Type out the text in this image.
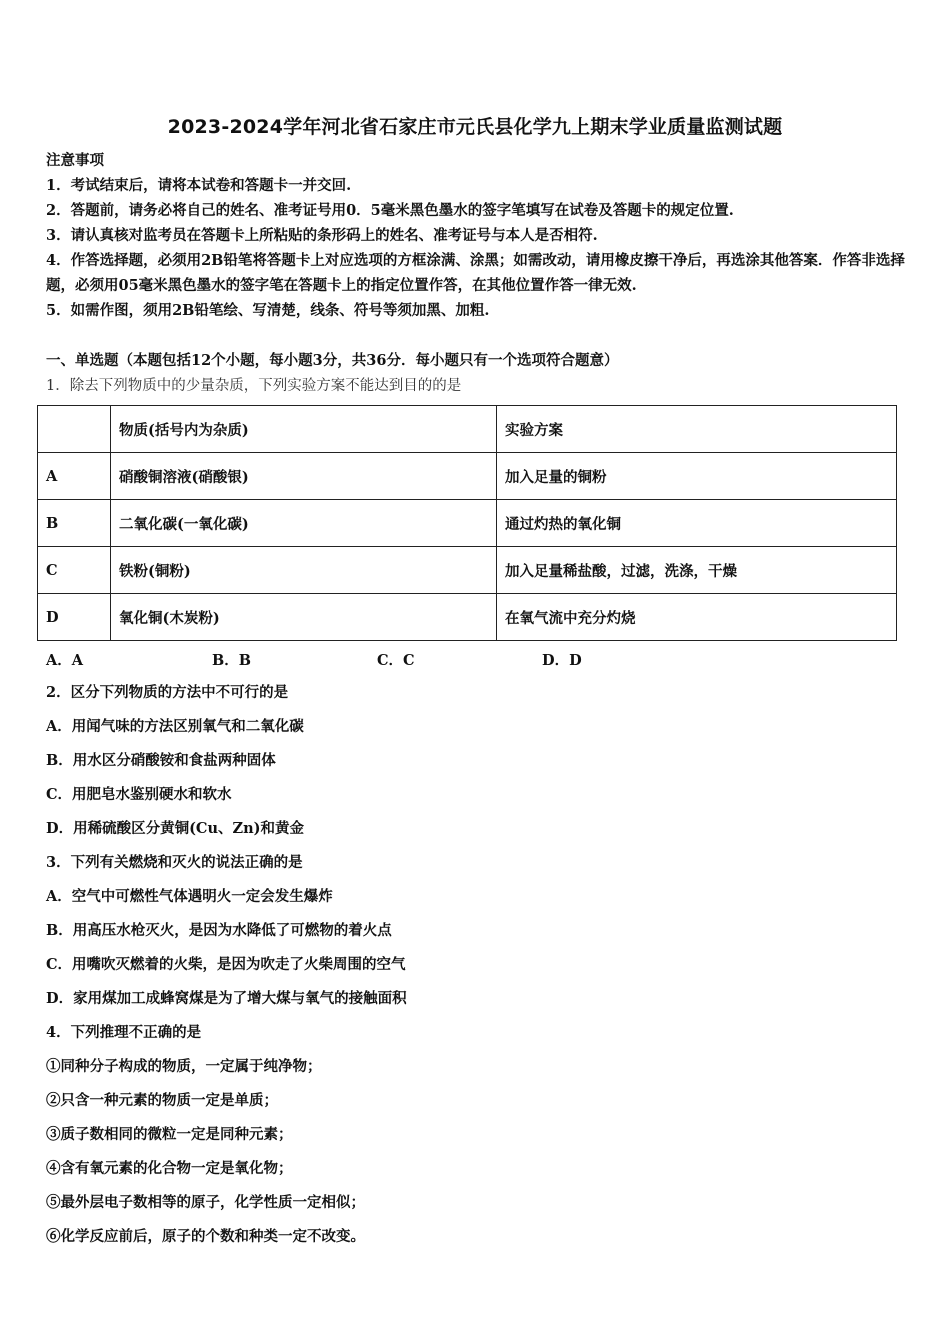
2023-2024学年河北省石家庄市元氏县化学九上期末学业质量监测试题
注意事项
1．考试结束后，请将本试卷和答题卡一并交回.
2．答题前，请务必将自己的姓名、准考证号用0．5毫米黑色墨水的签字笔填写在试卷及答题卡的规定位置.
3．请认真核对监考员在答题卡上所粘贴的条形码上的姓名、准考证号与本人是否相符.
4．作答选择题，必须用2B铅笔将答题卡上对应选项的方框涂满、涂黑；如需改动，请用橡皮擦干净后，再选涂其他答案．作答非选择题，必须用05毫米黑色墨水的签字笔在答题卡上的指定位置作答，在其他位置作答一律无效.
5．如需作图，须用2B铅笔绘、写清楚，线条、符号等须加黑、加粗.
一、单选题（本题包括12个小题，每小题3分，共36分．每小题只有一个选项符合题意）
1．除去下列物质中的少量杂质，下列实验方案不能达到目的的是
	物质(括号内为杂质)	实验方案
A	硝酸铜溶液(硝酸银)	加入足量的铜粉
B	二氧化碳(一氧化碳)	通过灼热的氧化铜
C	铁粉(铜粉)	加入足量稀盐酸，过滤，洗涤，干燥
D	氧化铜(木炭粉)	在氧气流中充分灼烧
A．A	B．B	C．C	D．D
2．区分下列物质的方法中不可行的是
A．用闻气味的方法区别氧气和二氧化碳
B．用水区分硝酸铵和食盐两种固体
C．用肥皂水鉴别硬水和软水
D．用稀硫酸区分黄铜(Cu、Zn)和黄金
3．下列有关燃烧和灭火的说法正确的是
A．空气中可燃性气体遇明火一定会发生爆炸
B．用高压水枪灭火，是因为水降低了可燃物的着火点
C．用嘴吹灭燃着的火柴，是因为吹走了火柴周围的空气
D．家用煤加工成蜂窝煤是为了增大煤与氧气的接触面积
4．下列推理不正确的是
①同种分子构成的物质，一定属于纯净物；
②只含一种元素的物质一定是单质；
③质子数相同的微粒一定是同种元素；
④含有氧元素的化合物一定是氧化物；
⑤最外层电子数相等的原子，化学性质一定相似；
⑥化学反应前后，原子的个数和种类一定不改变。
